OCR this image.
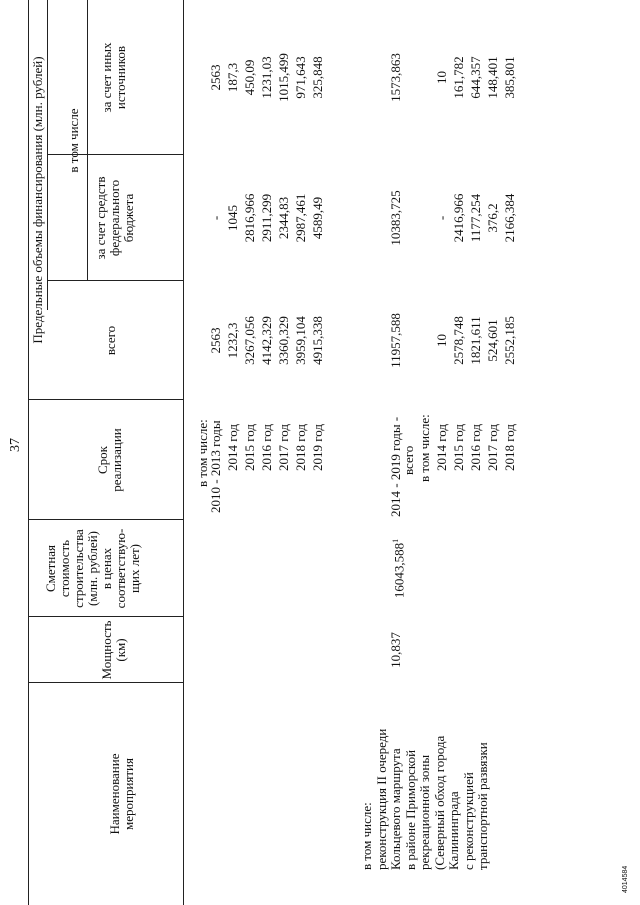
37
Наименование мероприятия
Мощность (км)
Сметная стоимость строительства (млн. рублей) в ценах соответствую- щих лет)
Срок реализации
Предельные объемы финансирования (млн. рублей)	всего
в том числе
за счет средств федерального бюджета
за счет иных источников
в том числе: реконструкция II очереди Кольцевого маршрута в районе Приморской рекреационной зоны (Северный обход города Калининграда с реконструкцией транспортной развязки
10,837
16043,588$^1$
в том числе:
2010 - 2013 годы
2563
-
2563
2014 год
1232,3
1045
187,3
2015 год
3267,056
2816,966
450,09
2016 год
4142,329
2911,299
1231,03
2017 год
3360,329
2344,83
1015,499
2018 год
3959,104
2987,461
971,643
2019 год
4915,338
4589,49
325,848
2014 - 2019 годы -
11957,588
10383,725
1573,863
всего в том числе: 2014 год
10
-
10
2015 год
2578,748
2416,966
161,782
2016 год
1821,611
1177,254
644,357
2017 год
524,601
376,2
148,401
2018 год
2552,185
2166,384
385,801
4014584
